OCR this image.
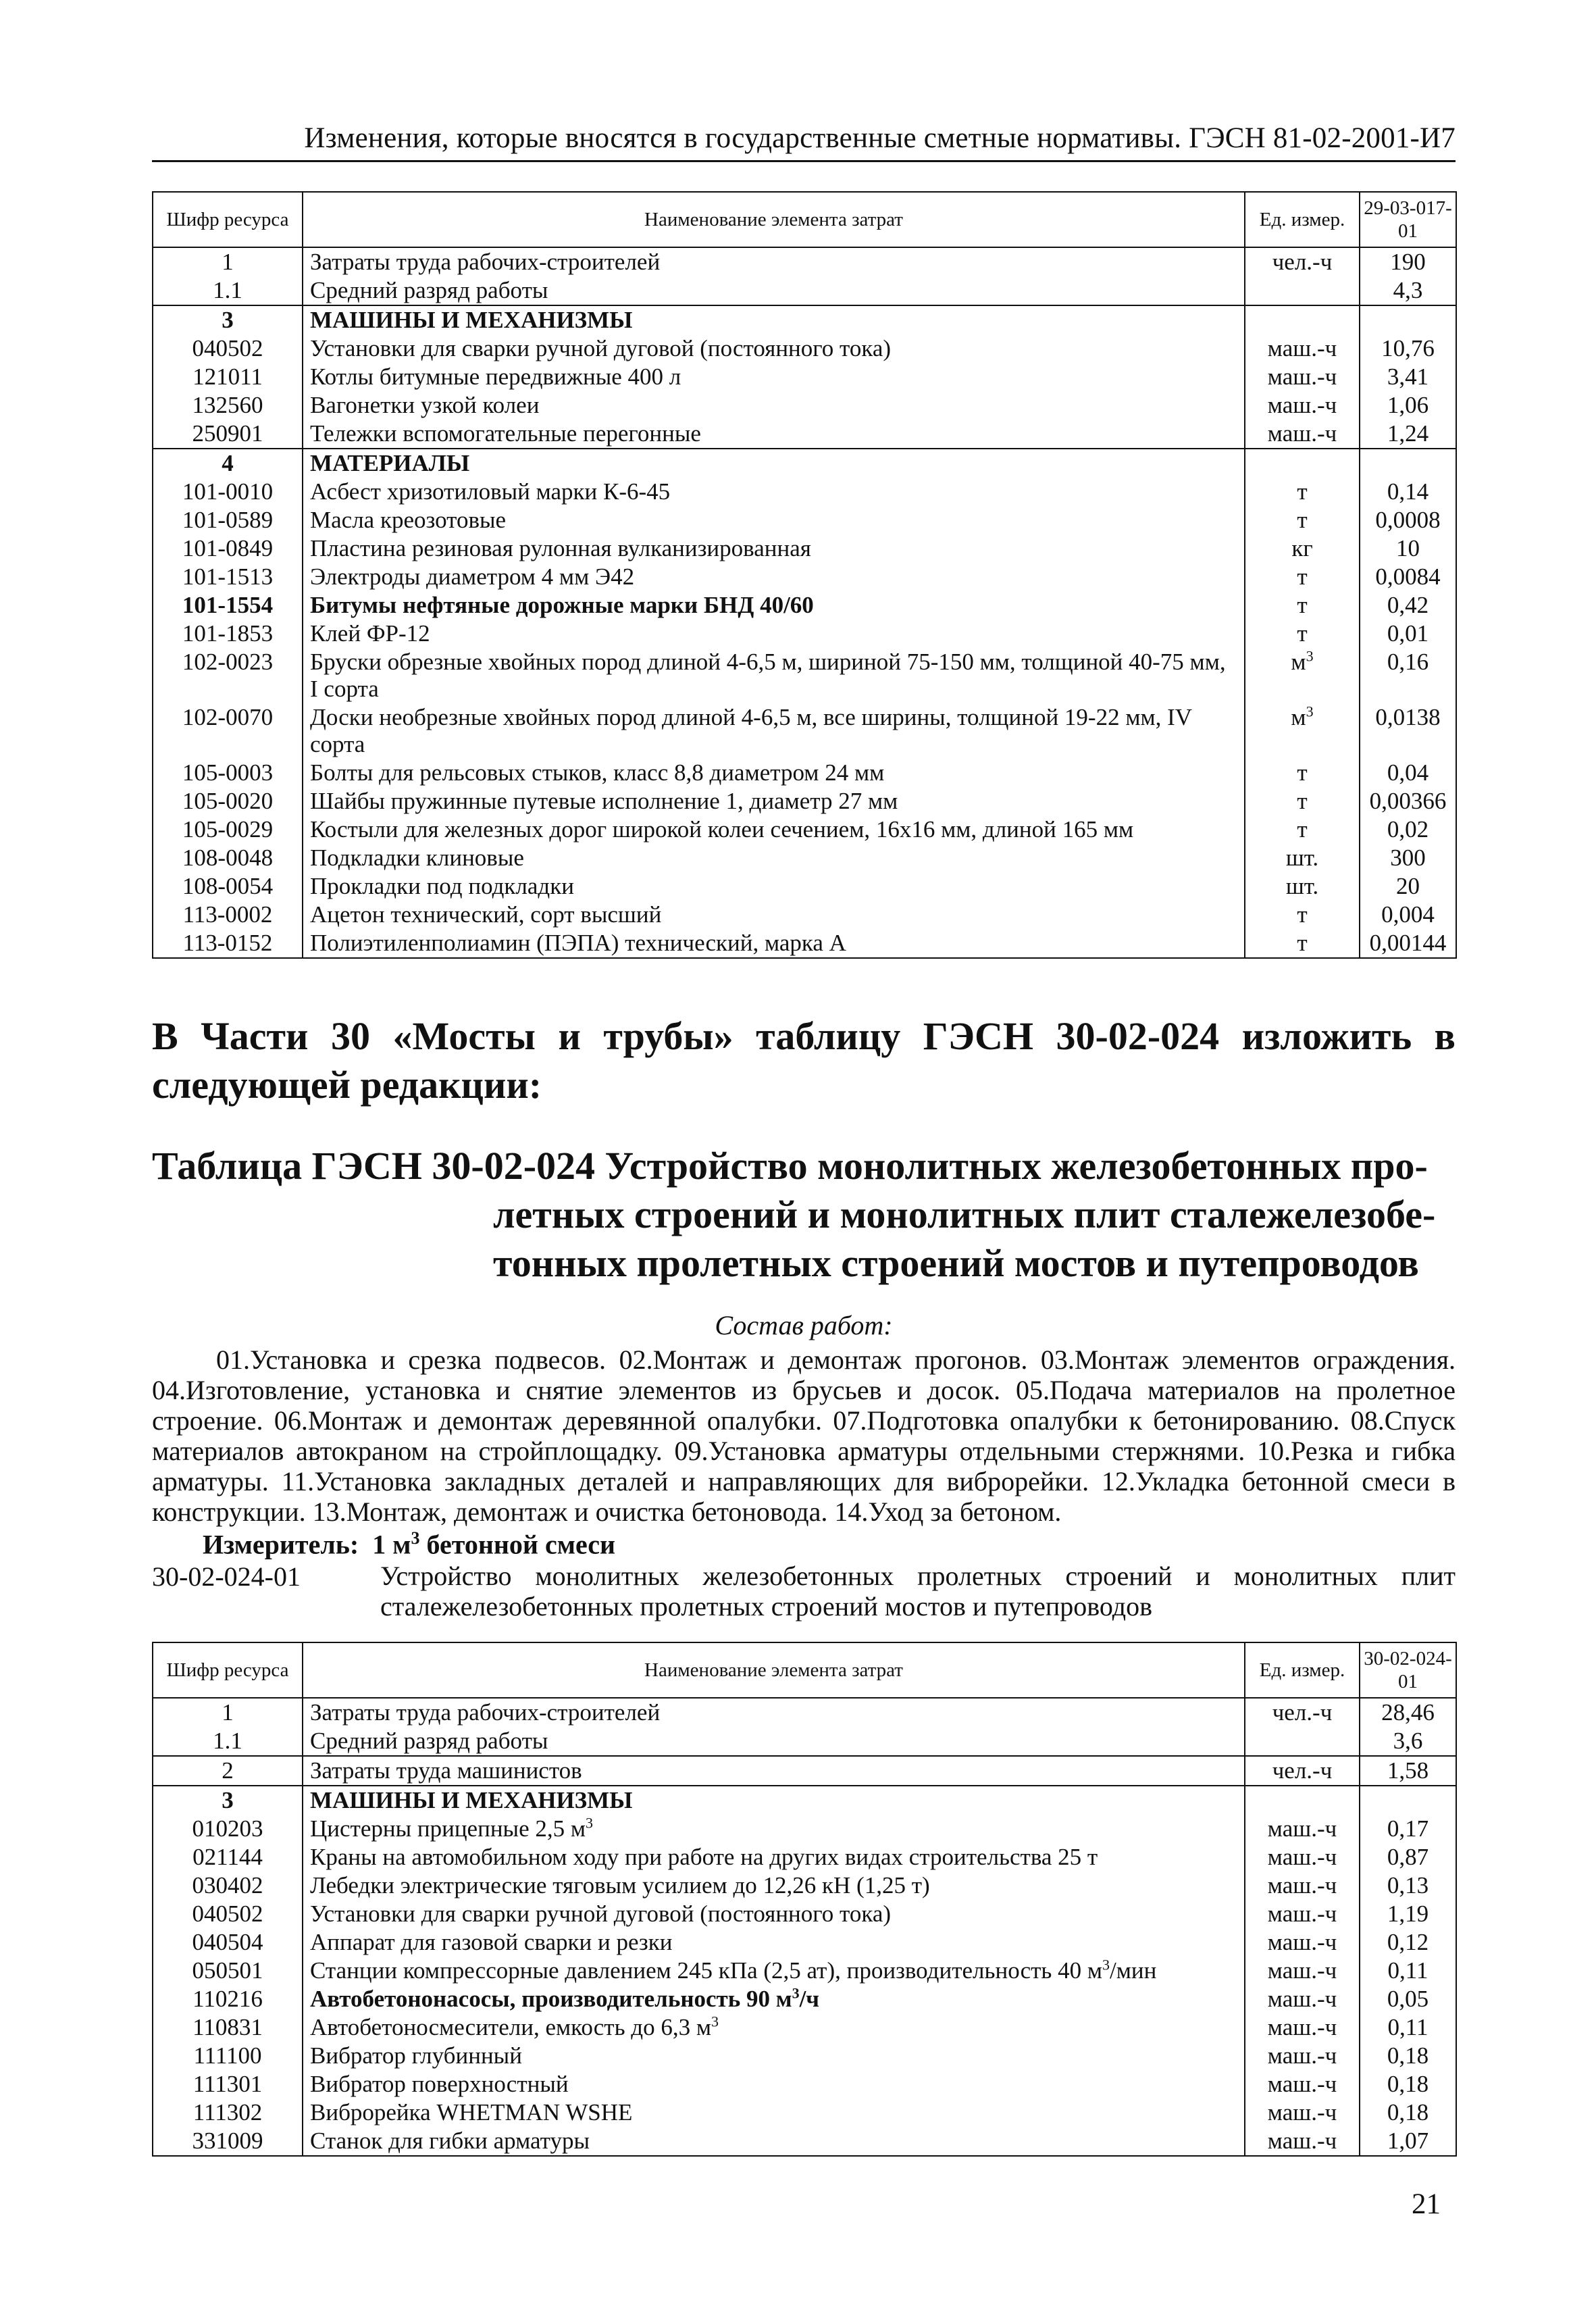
Изменения, которые вносятся в государственные сметные нормативы. ГЭСН 81-02-2001-И7
Шифр ресурса	Наименование элемента затрат	Ед. измер.	29-03-017-01
1	Затраты труда рабочих-строителей	чел.-ч	190
1.1	Средний разряд работы		4,3
3	МАШИНЫ И МЕХАНИЗМЫ		
040502	Установки для сварки ручной дуговой (постоянного тока)	маш.-ч	10,76
121011	Котлы битумные передвижные 400 л	маш.-ч	3,41
132560	Вагонетки узкой колеи	маш.-ч	1,06
250901	Тележки вспомогательные перегонные	маш.-ч	1,24
4	МАТЕРИАЛЫ		
101-0010	Асбест хризотиловый марки К-6-45	т	0,14
101-0589	Масла креозотовые	т	0,0008
101-0849	Пластина резиновая рулонная вулканизированная	кг	10
101-1513	Электроды диаметром 4 мм Э42	т	0,0084
101-1554	Битумы нефтяные дорожные марки БНД 40/60	т	0,42
101-1853	Клей ФР-12	т	0,01
102-0023	Бруски обрезные хвойных пород длиной 4-6,5 м, шириной 75-150 мм, толщиной 40-75 мм, I сорта	$м^3$	0,16
102-0070	Доски необрезные хвойных пород длиной 4-6,5 м, все ширины, толщиной 19-22 мм, IV сорта	$м^3$	0,0138
105-0003	Болты для рельсовых стыков, класс 8,8 диаметром 24 мм	т	0,04
105-0020	Шайбы пружинные путевые исполнение 1, диаметр 27 мм	т	0,00366
105-0029	Костыли для железных дорог широкой колеи сечением, 16х16 мм, длиной 165 мм	т	0,02
108-0048	Подкладки клиновые	шт.	300
108-0054	Прокладки под подкладки	шт.	20
113-0002	Ацетон технический, сорт высший	т	0,004
113-0152	Полиэтиленполиамин (ПЭПА) технический, марка А	т	0,00144
В Части 30 «Мосты и трубы» таблицу ГЭСН 30-02-024 изложить в следующей редакции:
Таблица ГЭСН 30-02-024 Устройство монолитных железобетонных про-
летных строений и монолитных плит сталежелезобе-
тонных пролетных строений мостов и путепроводов
Состав работ:
01.Установка и срезка подвесов. 02.Монтаж и демонтаж прогонов. 03.Монтаж элементов ограждения. 04.Изготовление, установка и снятие элементов из брусьев и досок. 05.Подача материалов на пролетное строение. 06.Монтаж и демонтаж деревянной опалубки. 07.Подготовка опалубки к бетонированию. 08.Спуск материалов автокраном на стройплощадку. 09.Установка арматуры отдельными стержнями. 10.Резка и гибка арматуры. 11.Установка закладных деталей и направляющих для виброрейки. 12.Укладка бетонной смеси в конструкции. 13.Монтаж, демонтаж и очистка бетоновода. 14.Уход за бетоном.
Измеритель: 1 $м^3$ бетонной смеси
30-02-024-01	Устройство монолитных железобетонных пролетных строений и монолитных плит сталежелезобетонных пролетных строений мостов и путепроводов
Шифр ресурса	Наименование элемента затрат	Ед. измер.	30-02-024-01
1	Затраты труда рабочих-строителей	чел.-ч	28,46
1.1	Средний разряд работы		3,6
2	Затраты труда машинистов	чел.-ч	1,58
3	МАШИНЫ И МЕХАНИЗМЫ		
010203	Цистерны прицепные 2,5 $м^3$	маш.-ч	0,17
021144	Краны на автомобильном ходу при работе на других видах строительства 25 т	маш.-ч	0,87
030402	Лебедки электрические тяговым усилием до 12,26 кН (1,25 т)	маш.-ч	0,13
040502	Установки для сварки ручной дуговой (постоянного тока)	маш.-ч	1,19
040504	Аппарат для газовой сварки и резки	маш.-ч	0,12
050501	Станции компрессорные давлением 245 кПа (2,5 ат), производительность 40 $м^3$/мин	маш.-ч	0,11
110216	Автобетононасосы, производительность 90 $м^3/ч$	маш.-ч	0,05
110831	Автобетоносмесители, емкость до 6,3 $м^3$	маш.-ч	0,11
111100	Вибратор глубинный	маш.-ч	0,18
111301	Вибратор поверхностный	маш.-ч	0,18
111302	Виброрейка WHETMAN WSHE	маш.-ч	0,18
331009	Станок для гибки арматуры	маш.-ч	1,07
21
